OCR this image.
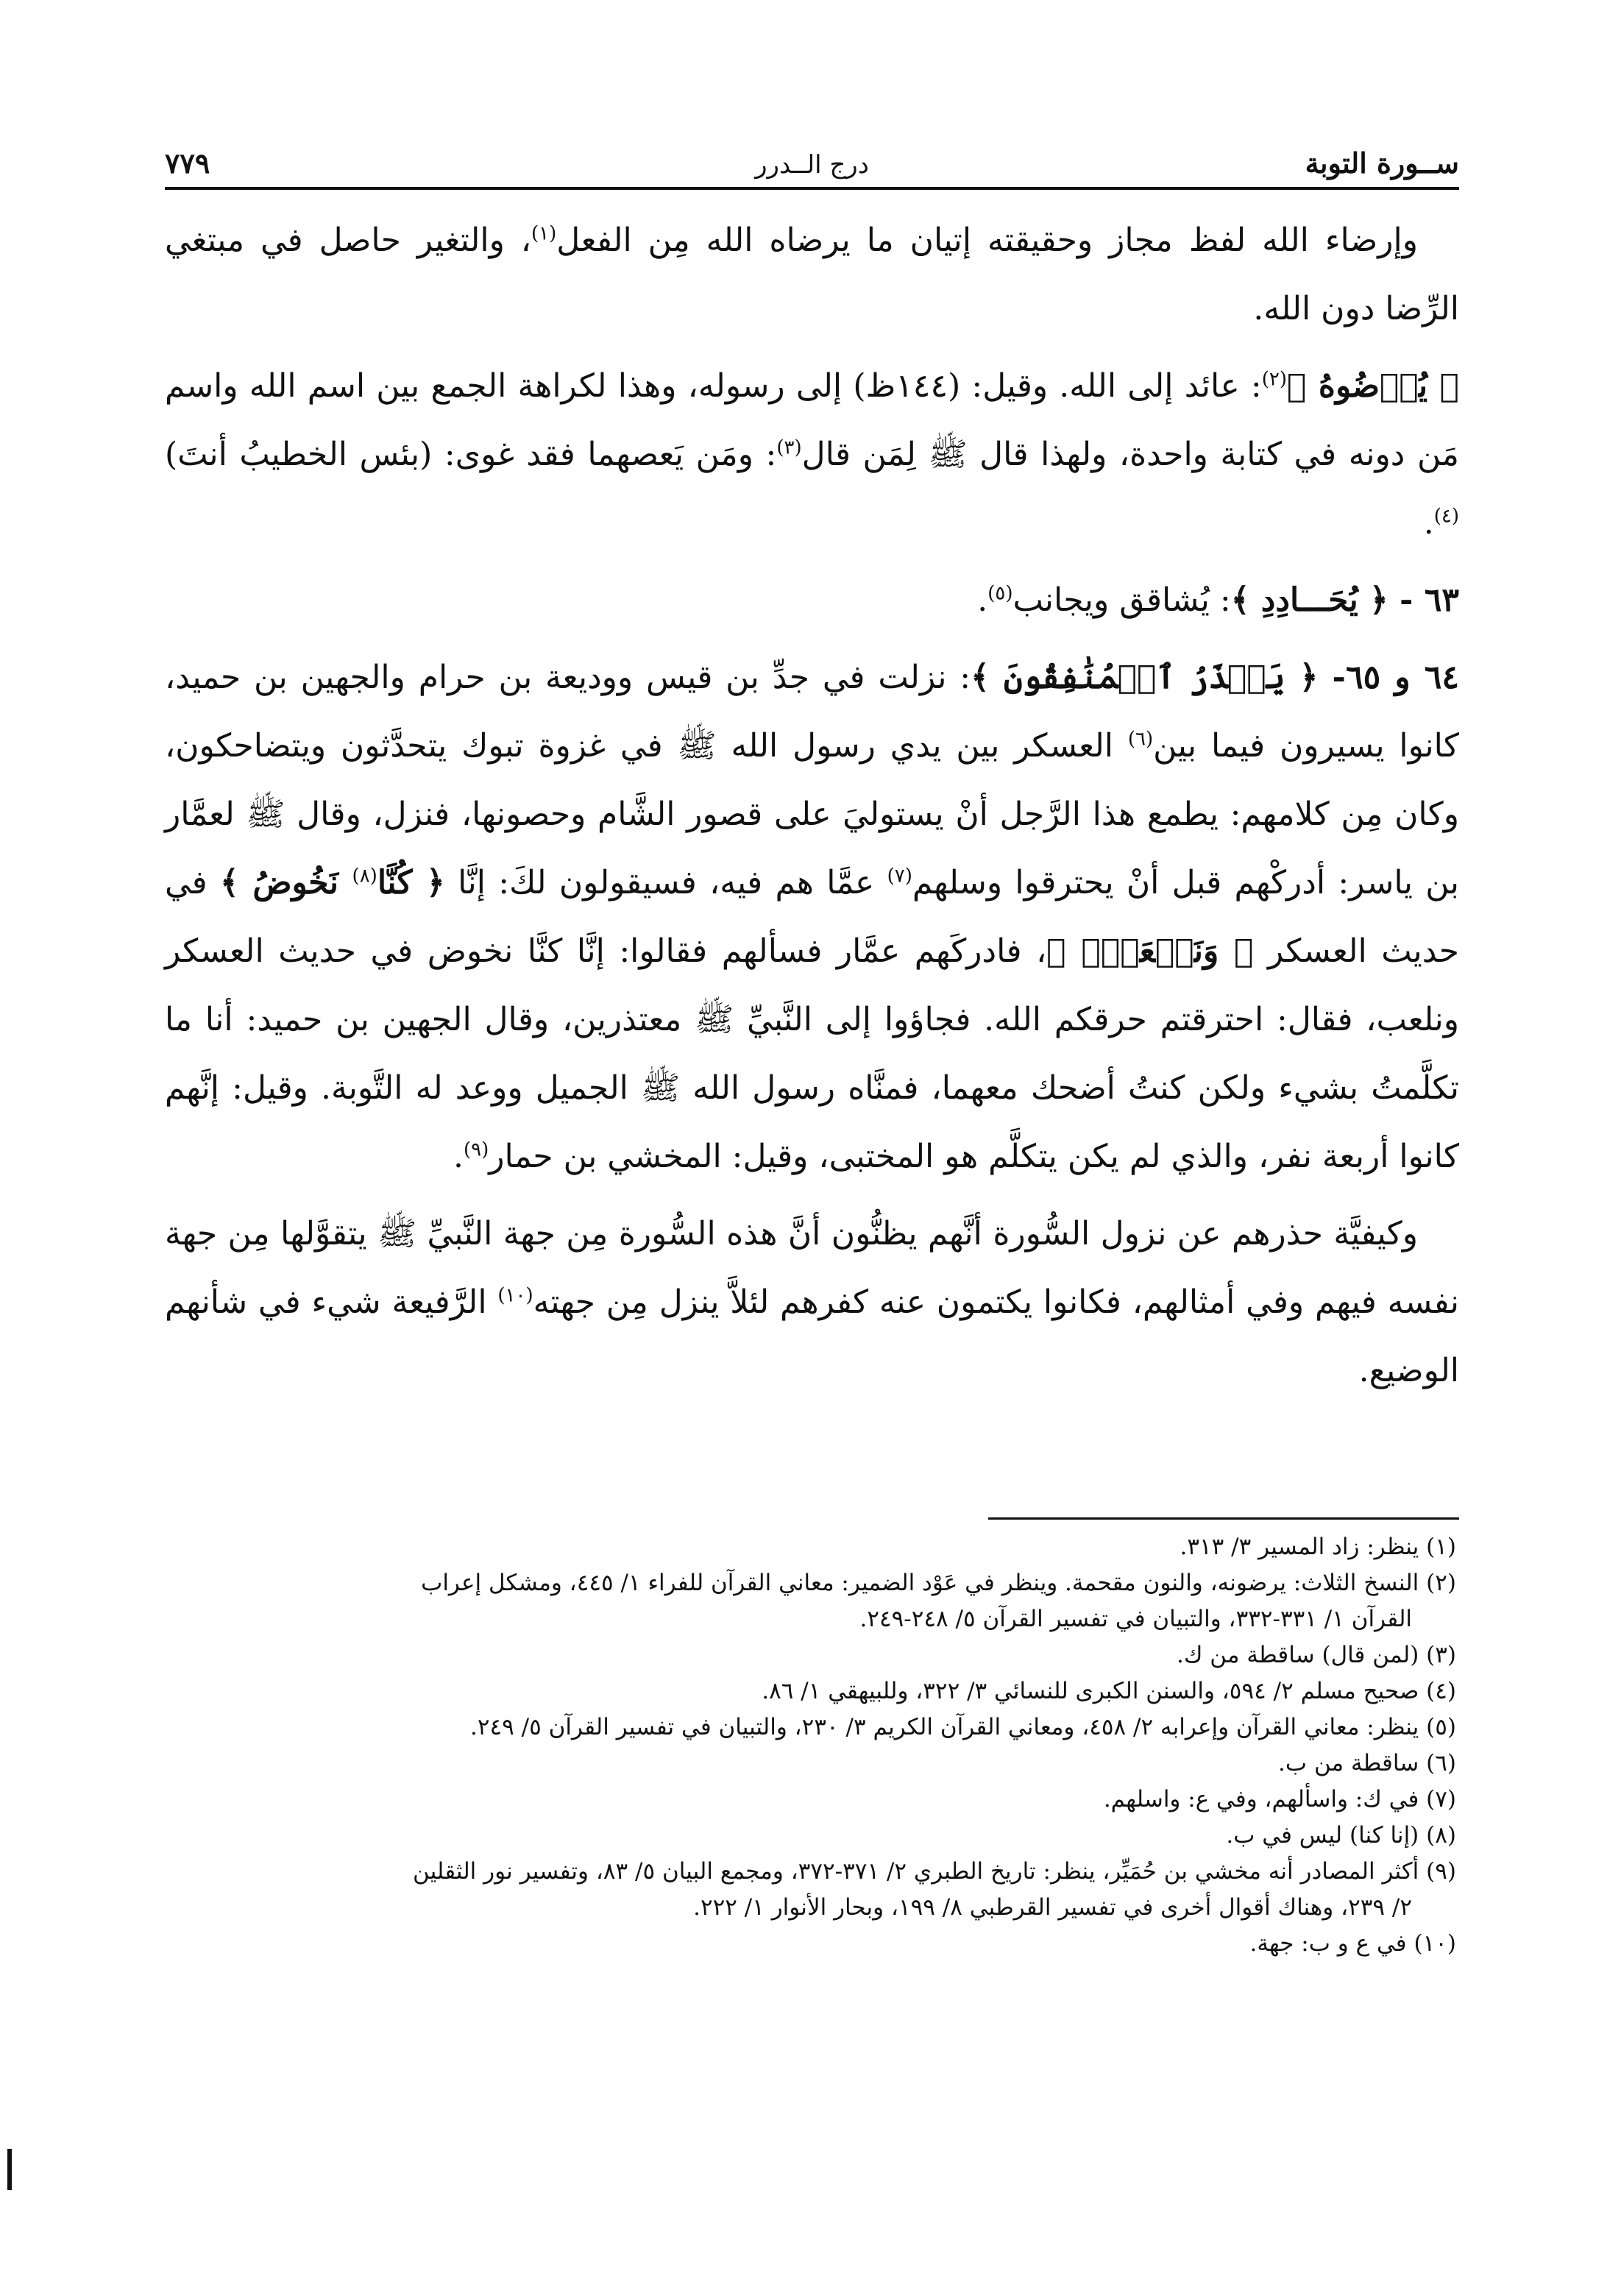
ســورة التوبة
درج الــدرر
٧٧٩

وإرضاء الله لفظ مجاز وحقيقته إتيان ما يرضاه الله مِن الفعل$^{(١)}$، والتغير حاصل في مبتغي الرِّضا دون الله.

﴿ يُرۡضُوهُ ﴾$^{(٢)}$: عائد إلى الله. وقيل: (١٤٤ظ) إلى رسوله، وهذا لكراهة الجمع بين اسم الله واسم مَن دونه في كتابة واحدة، ولهذا قال ﷺ لِمَن قال$^{(٣)}$: ومَن يَعصهما فقد غوى: (بئس الخطيبُ أنتَ)$^{(٤)}$.

٦٣ - ﴿ يُحَـــادِدِ ﴾: يُشاقق ويجانب$^{(٥)}$.

٦٤ و ٦٥- ﴿ يَحۡذَرُ ٱلۡمُنَٰفِقُونَ ﴾: نزلت في جدِّ بن قيس ووديعة بن حرام والجهين بن حميد، كانوا يسيرون فيما بين$^{(٦)}$ العسكر بين يدي رسول الله ﷺ في غزوة تبوك يتحدَّثون ويتضاحكون، وكان مِن كلامهم: يطمع هذا الرَّجل أنْ يستوليَ على قصور الشَّام وحصونها، فنزل، وقال ﷺ لعمَّار بن ياسر: أدركْهم قبل أنْ يحترقوا وسلهم$^{(٧)}$ عمَّا هم فيه، فسيقولون لكَ: إنَّا ﴿ كُنَّا$^{(٨)}$ نَخُوضُ ﴾ في حديث العسكر ﴿ وَنَلۡعَبُۚ ﴾، فادركَهم عمَّار فسألهم فقالوا: إنَّا كنَّا نخوض في حديث العسكر ونلعب، فقال: احترقتم حرقكم الله. فجاؤوا إلى النَّبيِّ ﷺ معتذرين، وقال الجهين بن حميد: أنا ما تكلَّمتُ بشيء ولكن كنتُ أضحك معهما، فمنَّاه رسول الله ﷺ الجميل ووعد له التَّوبة. وقيل: إنَّهم كانوا أربعة نفر، والذي لم يكن يتكلَّم هو المختبى، وقيل: المخشي بن حمار$^{(٩)}$.

وكيفيَّة حذرهم عن نزول السُّورة أنَّهم يظنُّون أنَّ هذه السُّورة مِن جهة النَّبيِّ ﷺ يتقوَّلها مِن جهة نفسه فيهم وفي أمثالهم، فكانوا يكتمون عنه كفرهم لئلاَّ ينزل مِن جهته$^{(١٠)}$ الرَّفيعة شيء في شأنهم الوضيع.

(١) ينظر: زاد المسير ٣/ ٣١٣.

(٢) النسخ الثلاث: يرضونه، والنون مقحمة. وينظر في عَوْد الضمير: معاني القرآن للفراء ١/ ٤٤٥، ومشكل إعراب

القرآن ١/ ٣٣١-٣٣٢، والتبيان في تفسير القرآن ٥/ ٢٤٨-٢٤٩.

(٣) (لمن قال) ساقطة من ك.

(٤) صحيح مسلم ٢/ ٥٩٤، والسنن الكبرى للنسائي ٣/ ٣٢٢، وللبيهقي ١/ ٨٦.

(٥) ينظر: معاني القرآن وإعرابه ٢/ ٤٥٨، ومعاني القرآن الكريم ٣/ ٢٣٠، والتبيان في تفسير القرآن ٥/ ٢٤٩.

(٦) ساقطة من ب.

(٧) في ك: واسألهم، وفي ع: واسلهم.

(٨) (إنا كنا) ليس في ب.

(٩) أكثر المصادر أنه مخشي بن حُمَيِّر، ينظر: تاريخ الطبري ٢/ ٣٧١-٣٧٢، ومجمع البيان ٥/ ٨٣، وتفسير نور الثقلين

٢/ ٢٣٩، وهناك أقوال أخرى في تفسير القرطبي ٨/ ١٩٩، وبحار الأنوار ١/ ٢٢٢.

(١٠) في ع و ب: جهة.
